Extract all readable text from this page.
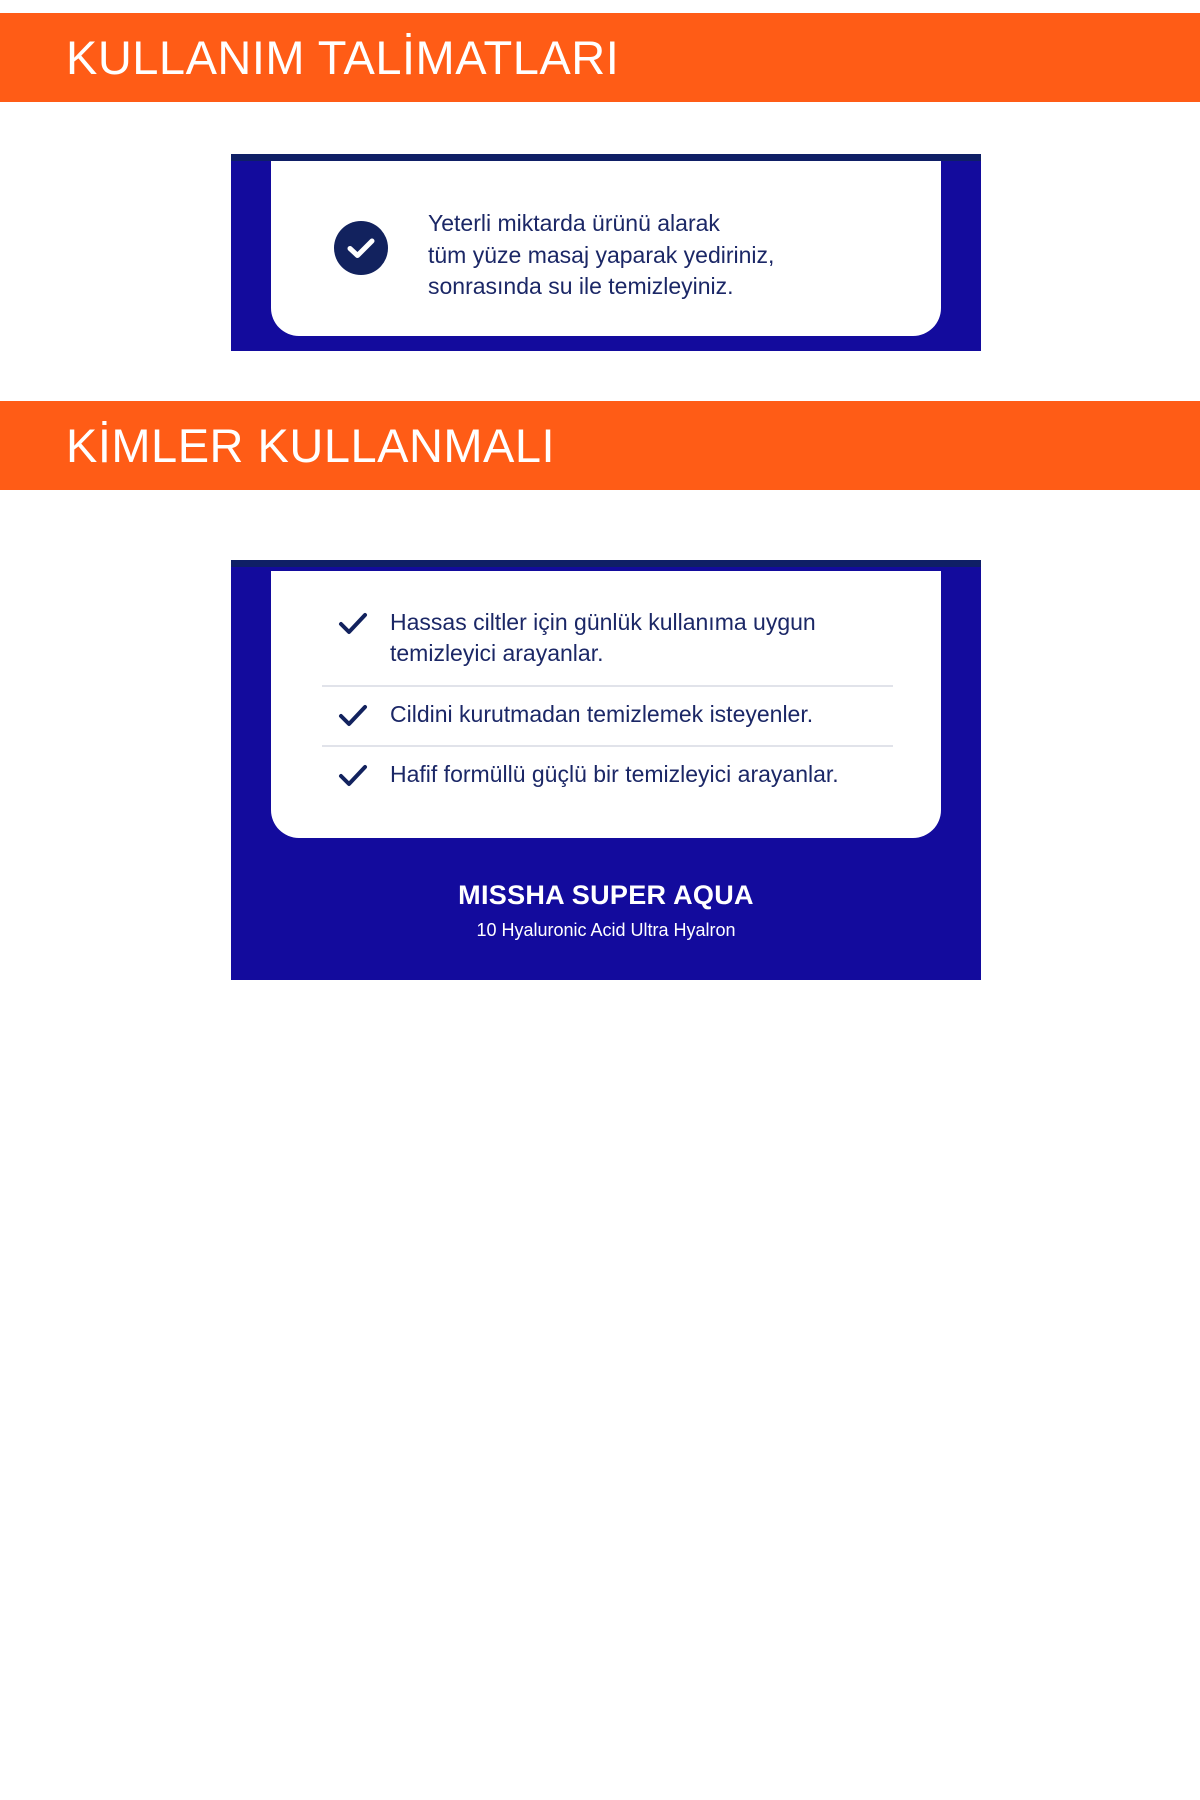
KULLANIM TALİMATLARI
Yeterli miktarda ürünü alarak
tüm yüze masaj yaparak yediriniz,
sonrasında su ile temizleyiniz.
KİMLER KULLANMALI
Hassas ciltler için günlük kullanıma uygun temizleyici arayanlar.
Cildini kurutmadan temizlemek isteyenler.
Hafif formüllü güçlü bir temizleyici arayanlar.
MISSHA SUPER AQUA
10 Hyaluronic Acid Ultra Hyalron
